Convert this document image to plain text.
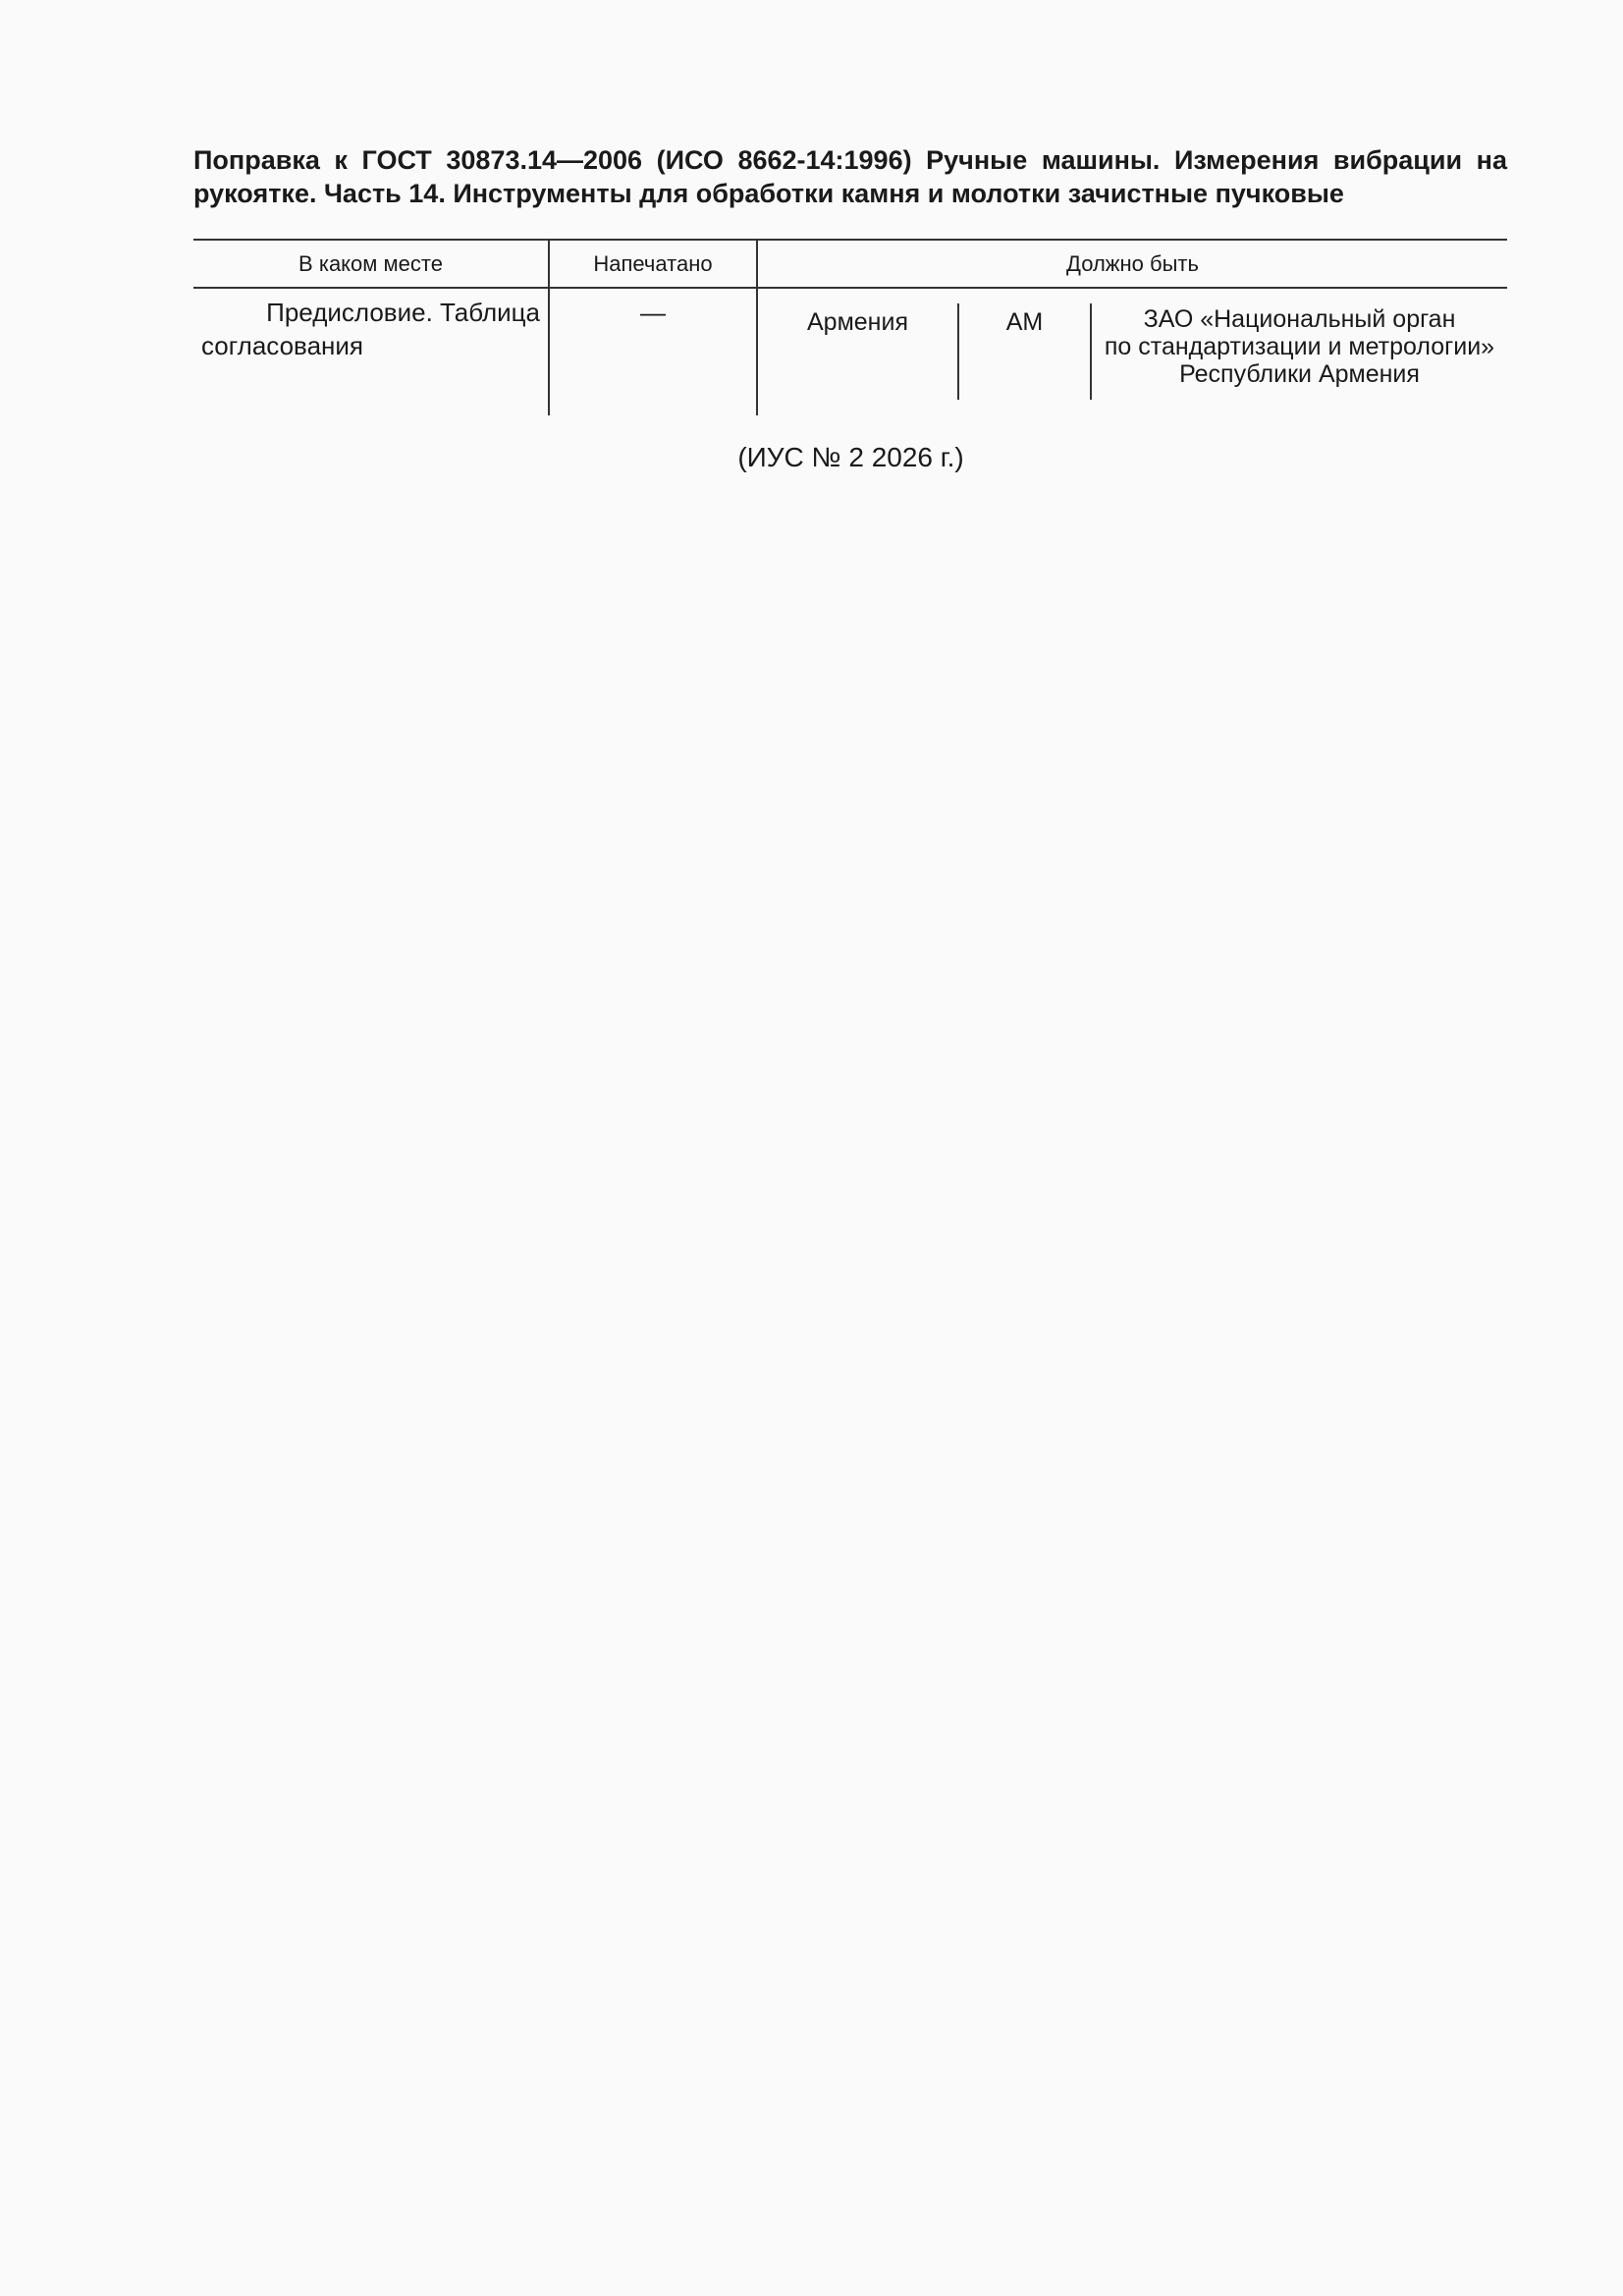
Поправка к ГОСТ 30873.14—2006 (ИСО 8662-14:1996) Ручные машины. Измерения вибрации на
рукоятке. Часть 14. Инструменты для обработки камня и молотки зачистные пучковые
В каком месте	Напечатано	Должно быть
Предисловие. Таблица
согласования
—	Армения	AM	ЗАО «Национальный орган
по стандартизации и метрологии»
Республики Армения
(ИУС № 2 2026 г.)
